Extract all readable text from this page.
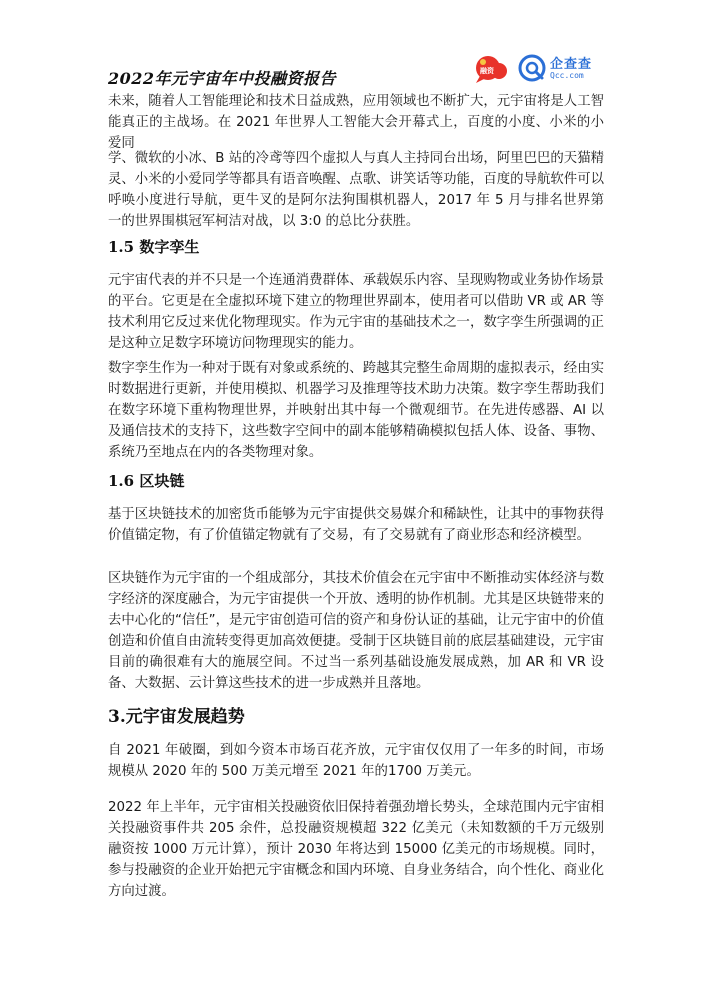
2022年元宇宙年中投融资报告	融资	企查查
Qcc.com

未来，随着人工智能理论和技术日益成熟，应用领域也不断扩大，元宇宙将是人工智能真正的主战场。在 2021 年世界人工智能大会开幕式上，百度的小度、小米的小爱同

学、微软的小冰、B 站的冷鸢等四个虚拟人与真人主持同台出场，阿里巴巴的天猫精灵、小米的小爱同学等都具有语音唤醒、点歌、讲笑话等功能，百度的导航软件可以呼唤小度进行导航，更牛叉的是阿尔法狗围棋机器人，2017 年 5 月与排名世界第一的世界围棋冠军柯洁对战，以 3:0 的总比分获胜。

1.5 数字孪生

元宇宙代表的并不只是一个连通消费群体、承载娱乐内容、呈现购物或业务协作场景的平台。它更是在全虚拟环境下建立的物理世界副本，使用者可以借助 VR 或 AR 等技术利用它反过来优化物理现实。作为元宇宙的基础技术之一，数字孪生所强调的正是这种立足数字环境访问物理现实的能力。

数字孪生作为一种对于既有对象或系统的、跨越其完整生命周期的虚拟表示，经由实时数据进行更新，并使用模拟、机器学习及推理等技术助力决策。数字孪生帮助我们在数字环境下重构物理世界，并映射出其中每一个微观细节。在先进传感器、AI 以及通信技术的支持下，这些数字空间中的副本能够精确模拟包括人体、设备、事物、系统乃至地点在内的各类物理对象。

1.6 区块链

基于区块链技术的加密货币能够为元宇宙提供交易媒介和稀缺性，让其中的事物获得价值锚定物，有了价值锚定物就有了交易，有了交易就有了商业形态和经济模型。

区块链作为元宇宙的一个组成部分，其技术价值会在元宇宙中不断推动实体经济与数字经济的深度融合，为元宇宙提供一个开放、透明的协作机制。尤其是区块链带来的去中心化的“信任”，是元宇宙创造可信的资产和身份认证的基础，让元宇宙中的价值创造和价值自由流转变得更加高效便捷。受制于区块链目前的底层基础建设，元宇宙目前的确很难有大的施展空间。不过当一系列基础设施发展成熟，加 AR 和 VR 设备、大数据、云计算这些技术的进一步成熟并且落地。

3.元宇宙发展趋势

自 2021 年破圈，到如今资本市场百花齐放，元宇宙仅仅用了一年多的时间，市场规模从 2020 年的 500 万美元增至 2021 年的1700 万美元。

2022 年上半年，元宇宙相关投融资依旧保持着强劲增长势头，全球范围内元宇宙相关投融资事件共 205 余件，总投融资规模超 322 亿美元（未知数额的千万元级别融资按 1000 万元计算），预计 2030 年将达到 15000 亿美元的市场规模。同时，参与投融资的企业开始把元宇宙概念和国内环境、自身业务结合，向个性化、商业化方向过渡。
